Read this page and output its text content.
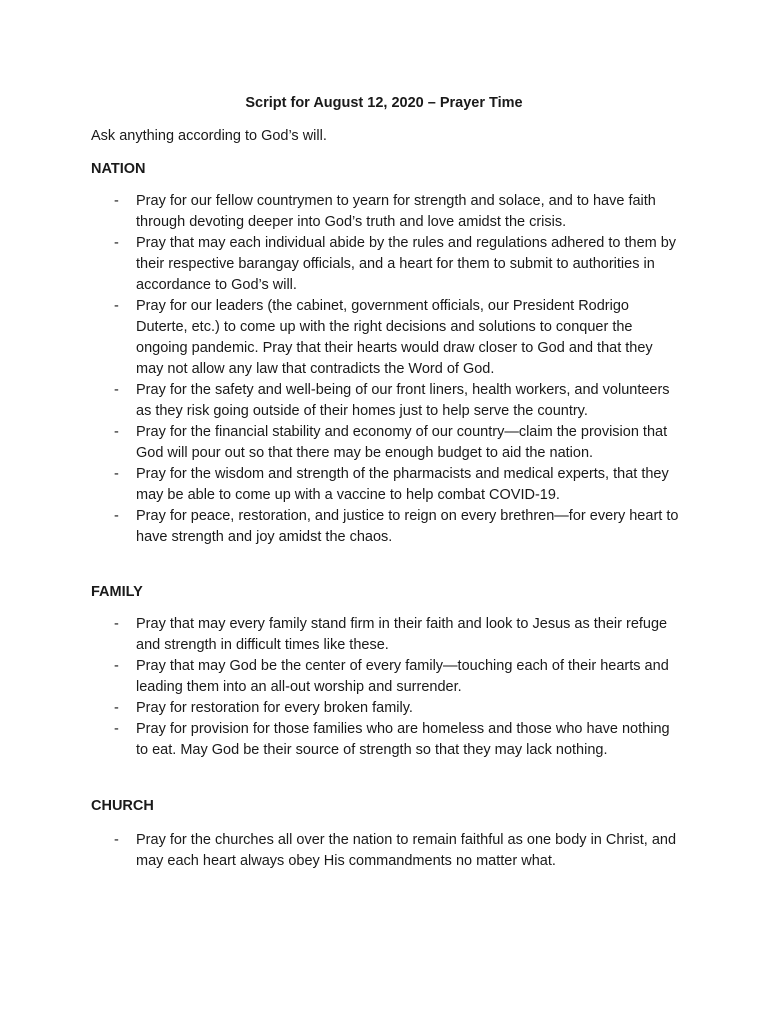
Script for August 12, 2020 – Prayer Time

Ask anything according to God’s will.

NATION

- Pray for our fellow countrymen to yearn for strength and solace, and to have faith through devoting deeper into God’s truth and love amidst the crisis.
- Pray that may each individual abide by the rules and regulations adhered to them by their respective barangay officials, and a heart for them to submit to authorities in accordance to God’s will.
- Pray for our leaders (the cabinet, government officials, our President Rodrigo Duterte, etc.) to come up with the right decisions and solutions to conquer the ongoing pandemic. Pray that their hearts would draw closer to God and that they may not allow any law that contradicts the Word of God.
- Pray for the safety and well-being of our front liners, health workers, and volunteers as they risk going outside of their homes just to help serve the country.
- Pray for the financial stability and economy of our country—claim the provision that God will pour out so that there may be enough budget to aid the nation.
- Pray for the wisdom and strength of the pharmacists and medical experts, that they may be able to come up with a vaccine to help combat COVID-19.
- Pray for peace, restoration, and justice to reign on every brethren—for every heart to have strength and joy amidst the chaos.

FAMILY

- Pray that may every family stand firm in their faith and look to Jesus as their refuge and strength in difficult times like these.
- Pray that may God be the center of every family—touching each of their hearts and leading them into an all-out worship and surrender.
- Pray for restoration for every broken family.
- Pray for provision for those families who are homeless and those who have nothing to eat. May God be their source of strength so that they may lack nothing.

CHURCH

- Pray for the churches all over the nation to remain faithful as one body in Christ, and may each heart always obey His commandments no matter what.
